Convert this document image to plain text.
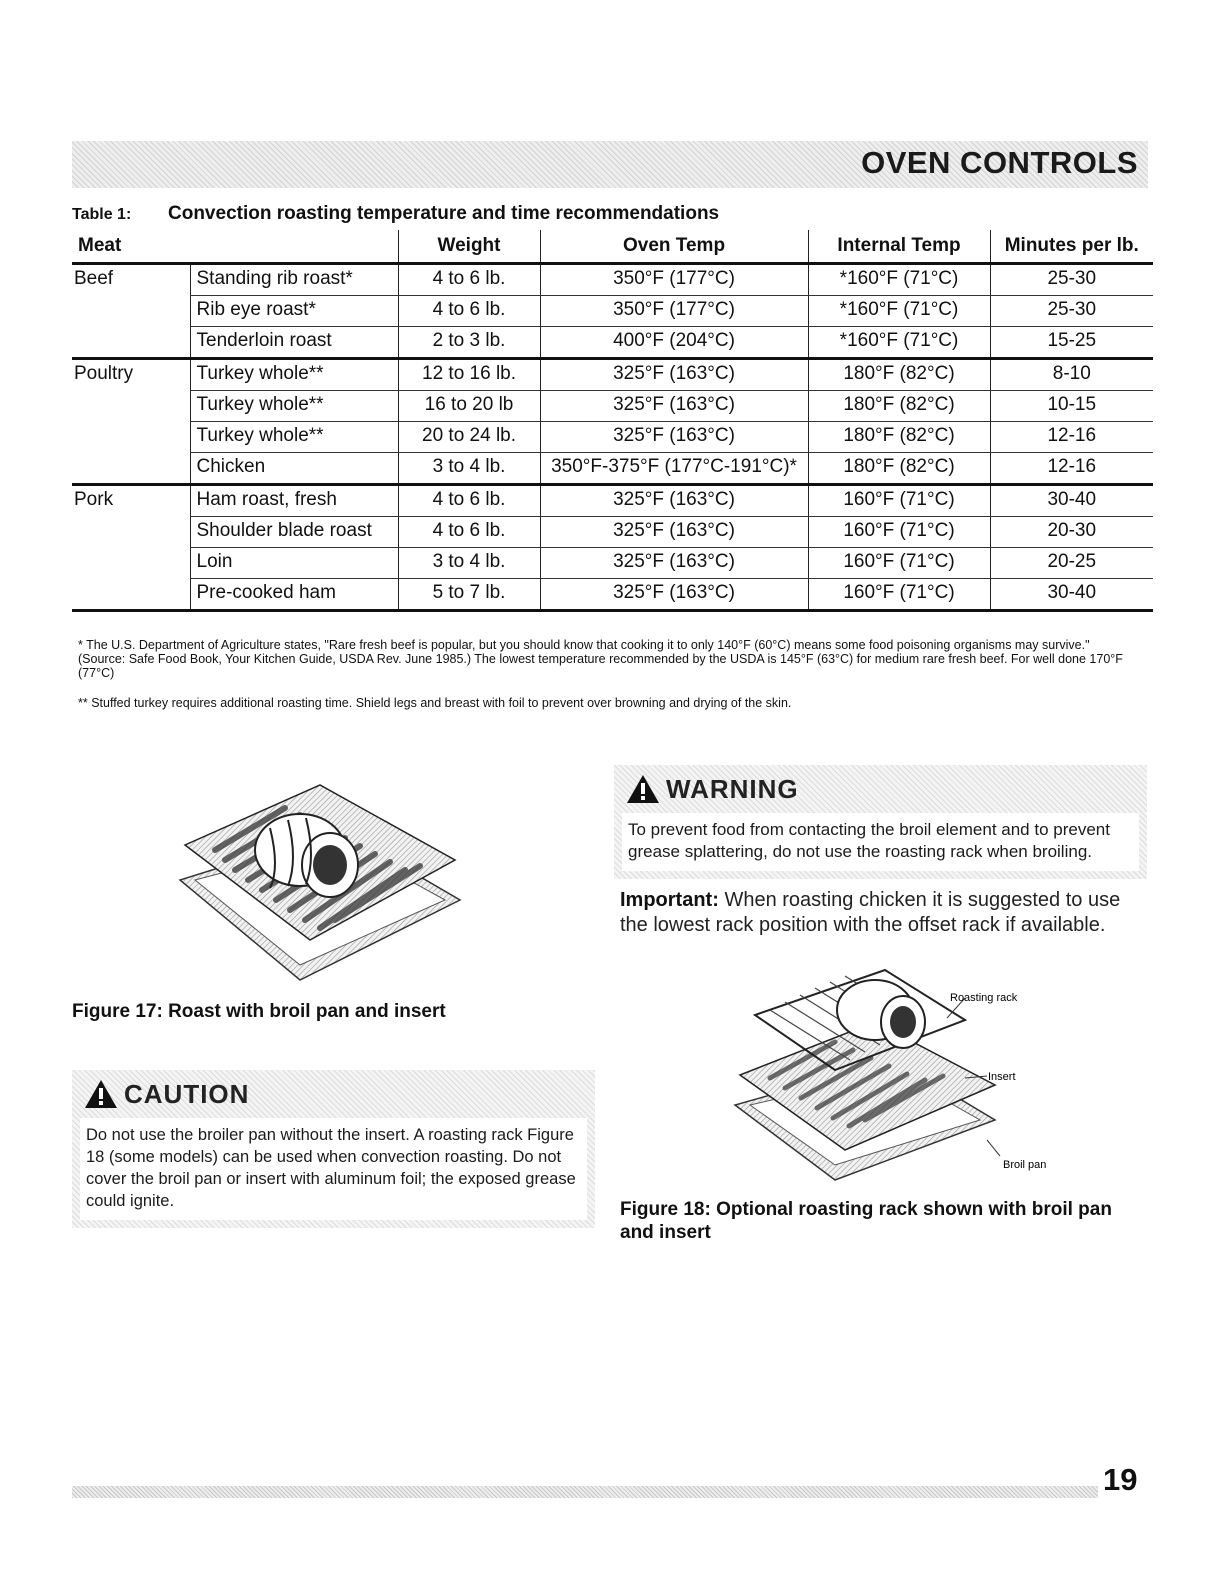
OVEN CONTROLS
Table 1: Convection roasting temperature and time recommendations
Meat		Weight	Oven Temp	Internal Temp	Minutes per lb.
Beef	Standing rib roast*	4 to 6 lb.	350°F (177°C)	*160°F (71°C)	25-30
	Rib eye roast*	4 to 6 lb.	350°F (177°C)	*160°F (71°C)	25-30
	Tenderloin roast	2 to 3 lb.	400°F (204°C)	*160°F (71°C)	15-25
Poultry	Turkey whole**	12 to 16 lb.	325°F (163°C)	180°F (82°C)	8-10
	Turkey whole**	16 to 20 lb	325°F (163°C)	180°F (82°C)	10-15
	Turkey whole**	20 to 24 lb.	325°F (163°C)	180°F (82°C)	12-16
	Chicken	3 to 4 lb.	350°F-375°F (177°C-191°C)*	180°F (82°C)	12-16
Pork	Ham roast, fresh	4 to 6 lb.	325°F (163°C)	160°F (71°C)	30-40
	Shoulder blade roast	4 to 6 lb.	325°F (163°C)	160°F (71°C)	20-30
	Loin	3 to 4 lb.	325°F (163°C)	160°F (71°C)	20-25
	Pre-cooked ham	5 to 7 lb.	325°F (163°C)	160°F (71°C)	30-40
* The U.S. Department of Agriculture states, "Rare fresh beef is popular, but you should know that cooking it to only 140°F (60°C) means some food poisoning organisms may survive." (Source: Safe Food Book, Your Kitchen Guide, USDA Rev. June 1985.) The lowest temperature recommended by the USDA is 145°F (63°C) for medium rare fresh beef. For well done 170°F (77°C)
** Stuffed turkey requires additional roasting time. Shield legs and breast with foil to prevent over browning and drying of the skin.
Figure 17: Roast with broil pan and insert
WARNING
To prevent food from contacting the broil element and to prevent grease splattering, do not use the roasting rack when broiling.
Important: When roasting chicken it is suggested to use the lowest rack position with the offset rack if available.
Roasting rack
Insert
Broil pan
Figure 18: Optional roasting rack shown with broil pan and insert
CAUTION
Do not use the broiler pan without the insert. A roasting rack Figure 18 (some models) can be used when convection roasting. Do not cover the broil pan or insert with aluminum foil; the exposed grease could ignite.
19
